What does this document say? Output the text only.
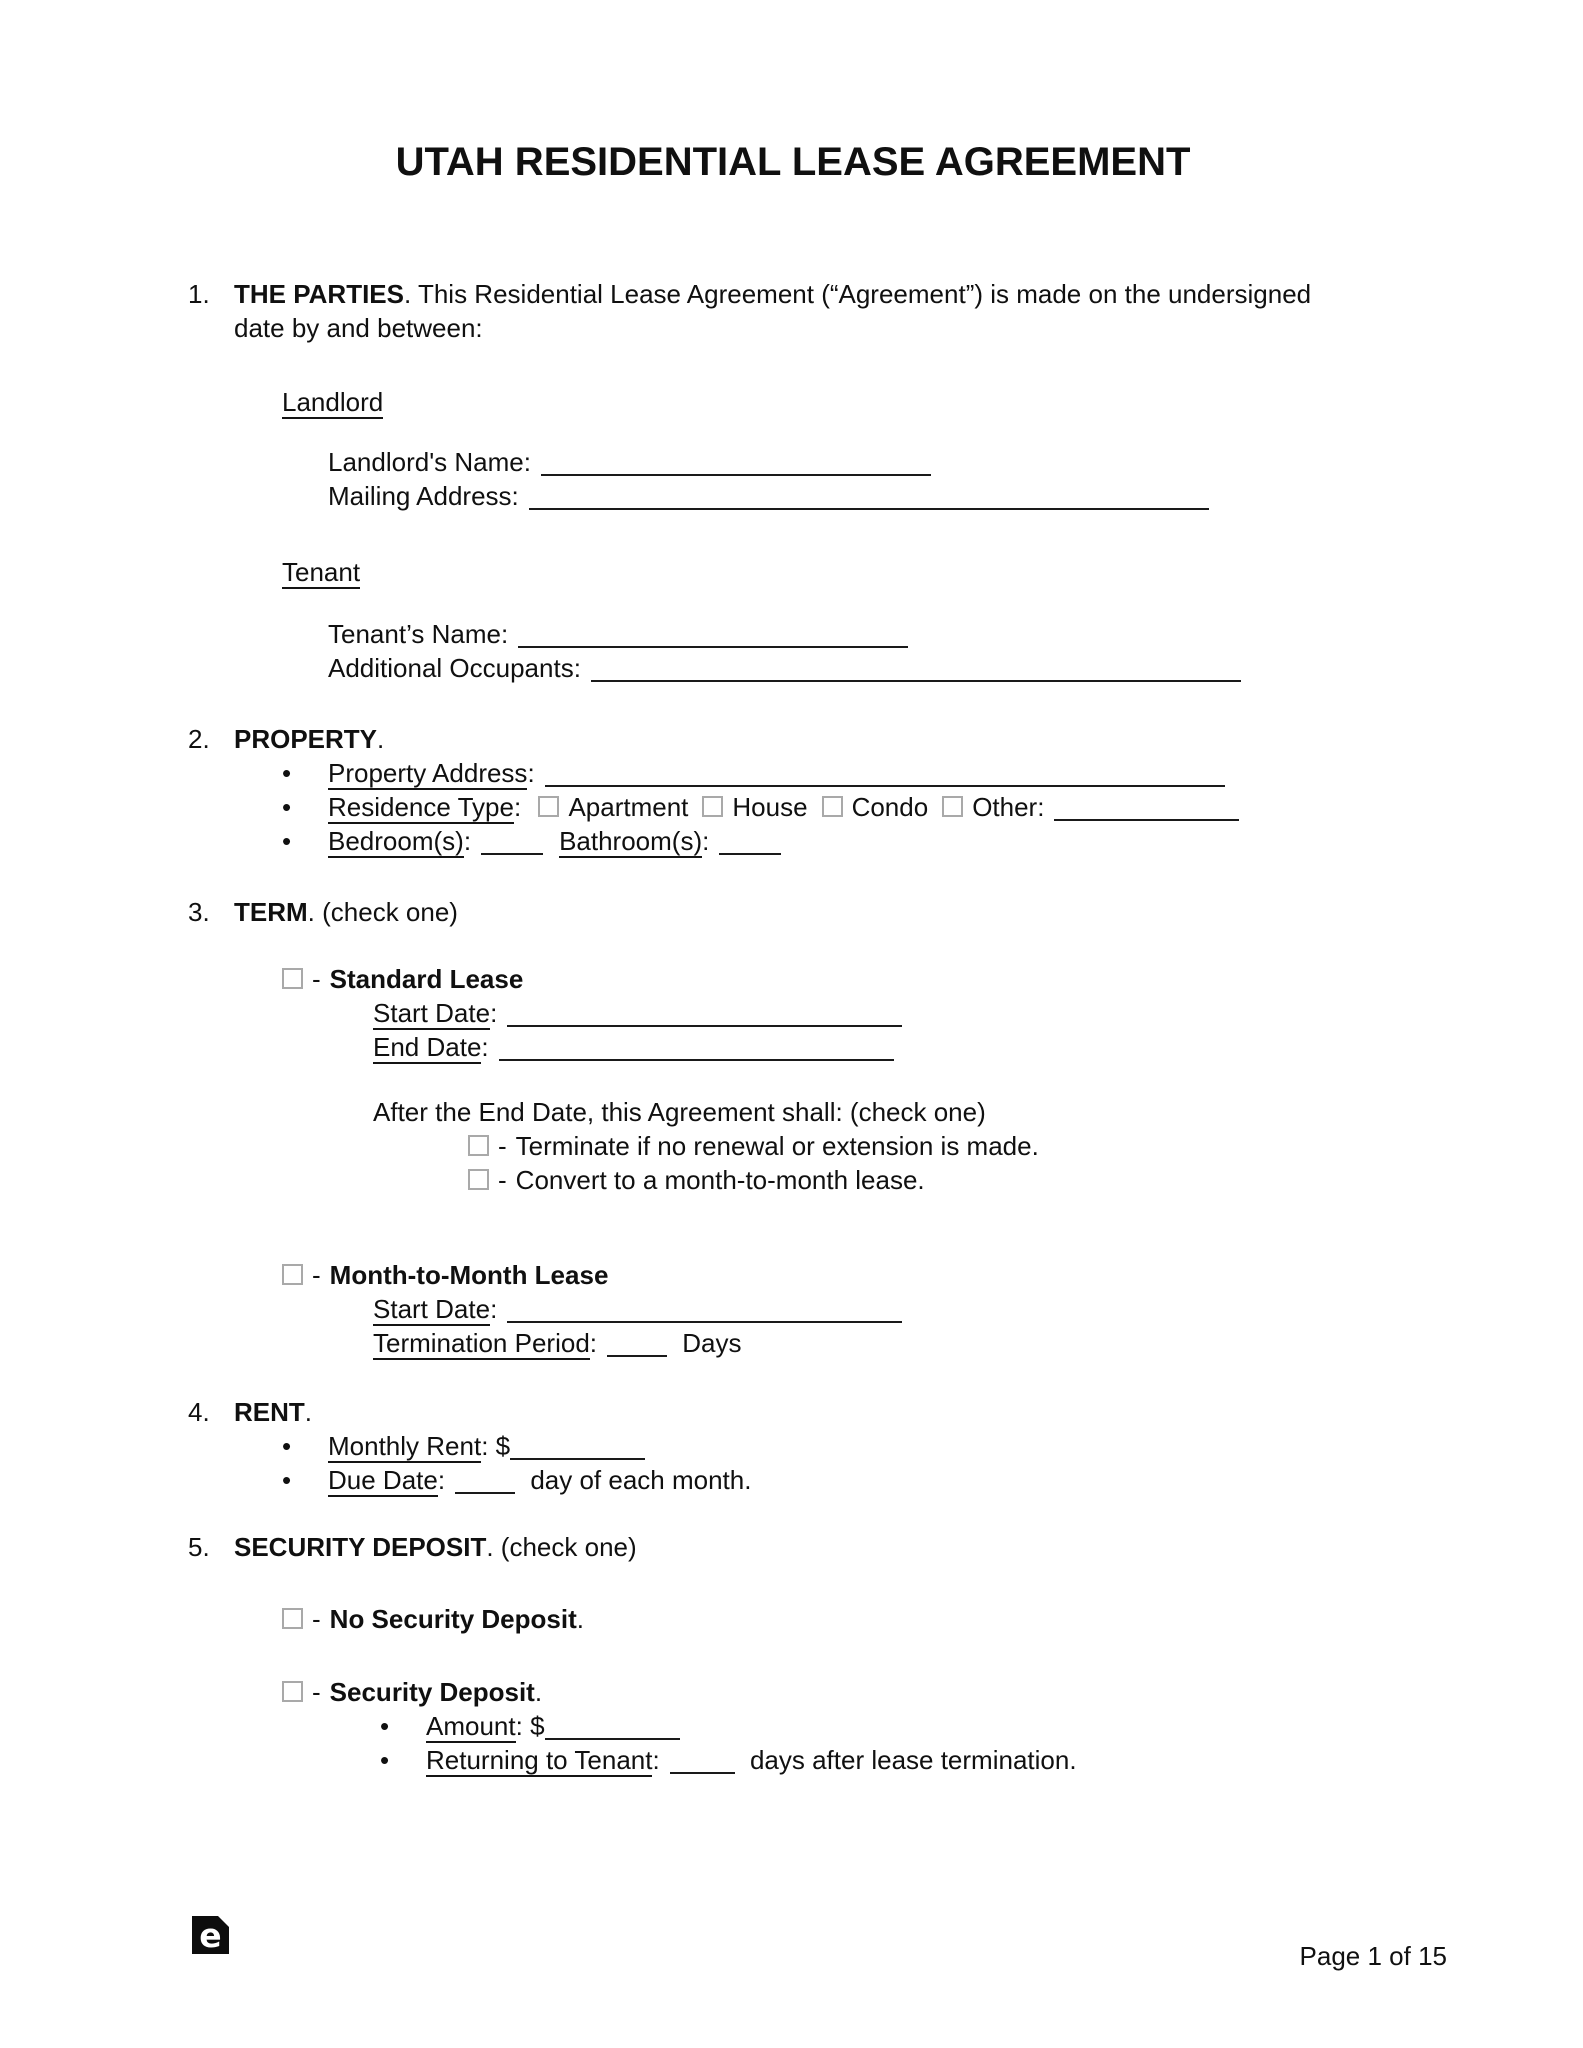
UTAH RESIDENTIAL LEASE AGREEMENT
1. THE PARTIES. This Residential Lease Agreement (“Agreement”) is made on the undersigned date by and between:
Landlord
Landlord's Name:
Mailing Address:
Tenant
Tenant’s Name:
Additional Occupants:
2. PROPERTY.
•
Property Address:
•
Residence Type: Apartment House Condo Other:
•
Bedroom(s):	Bathroom(s):
3. TERM. (check one)
- Standard Lease
Start Date:
End Date:
After the End Date, this Agreement shall: (check one)
- Terminate if no renewal or extension is made.
- Convert to a month-to-month lease.
- Month-to-Month Lease
Start Date:
Termination Period:	Days
4. RENT.
•
Monthly Rent: $
•
Due Date:	day of each month.
5. SECURITY DEPOSIT. (check one)
- No Security Deposit.
- Security Deposit.
•
Amount: $
•
Returning to Tenant:	days after lease termination.
e
Page 1 of 15
